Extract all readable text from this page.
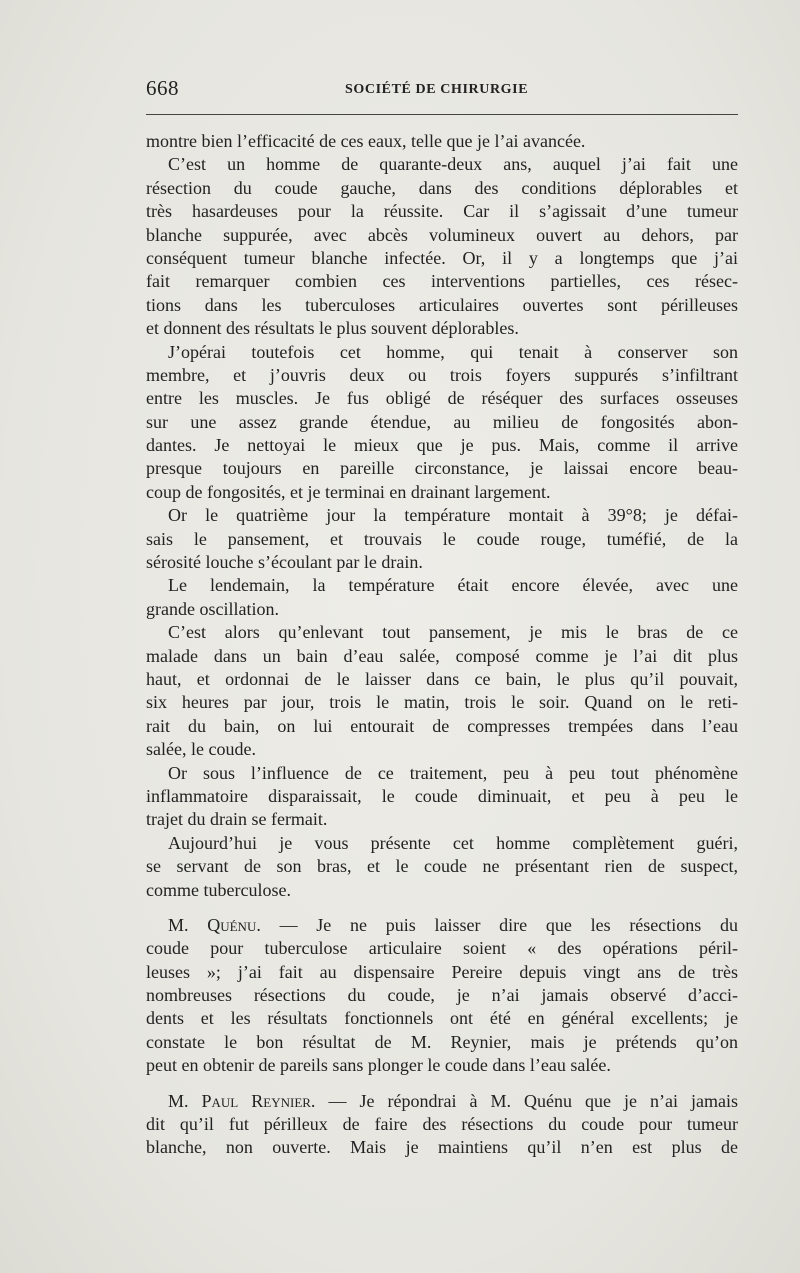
668	SOCIÉTÉ DE CHIRURGIE
montre bien l’efficacité de ces eaux, telle que je l’ai avancée.
C’est un homme de quarante-deux ans, auquel j’ai fait une
résection du coude gauche, dans des conditions déplorables et
très hasardeuses pour la réussite. Car il s’agissait d’une tumeur
blanche suppurée, avec abcès volumineux ouvert au dehors, par
conséquent tumeur blanche infectée. Or, il y a longtemps que j’ai
fait remarquer combien ces interventions partielles, ces résec-
tions dans les tuberculoses articulaires ouvertes sont périlleuses
et donnent des résultats le plus souvent déplorables.
J’opérai toutefois cet homme, qui tenait à conserver son
membre, et j’ouvris deux ou trois foyers suppurés s’infiltrant
entre les muscles. Je fus obligé de réséquer des surfaces osseuses
sur une assez grande étendue, au milieu de fongosités abon-
dantes. Je nettoyai le mieux que je pus. Mais, comme il arrive
presque toujours en pareille circonstance, je laissai encore beau-
coup de fongosités, et je terminai en drainant largement.
Or le quatrième jour la température montait à 39°8; je défai-
sais le pansement, et trouvais le coude rouge, tuméfié, de la
sérosité louche s’écoulant par le drain.
Le lendemain, la température était encore élevée, avec une
grande oscillation.
C’est alors qu’enlevant tout pansement, je mis le bras de ce
malade dans un bain d’eau salée, composé comme je l’ai dit plus
haut, et ordonnai de le laisser dans ce bain, le plus qu’il pouvait,
six heures par jour, trois le matin, trois le soir. Quand on le reti-
rait du bain, on lui entourait de compresses trempées dans l’eau
salée, le coude.
Or sous l’influence de ce traitement, peu à peu tout phénomène
inflammatoire disparaissait, le coude diminuait, et peu à peu le
trajet du drain se fermait.
Aujourd’hui je vous présente cet homme complètement guéri,
se servant de son bras, et le coude ne présentant rien de suspect,
comme tuberculose.
M. Quénu. — Je ne puis laisser dire que les résections du
coude pour tuberculose articulaire soient « des opérations péril-
leuses »; j’ai fait au dispensaire Pereire depuis vingt ans de très
nombreuses résections du coude, je n’ai jamais observé d’acci-
dents et les résultats fonctionnels ont été en général excellents; je
constate le bon résultat de M. Reynier, mais je prétends qu’on
peut en obtenir de pareils sans plonger le coude dans l’eau salée.
M. Paul Reynier. — Je répondrai à M. Quénu que je n’ai jamais
dit qu’il fut périlleux de faire des résections du coude pour tumeur
blanche, non ouverte. Mais je maintiens qu’il n’en est plus de
